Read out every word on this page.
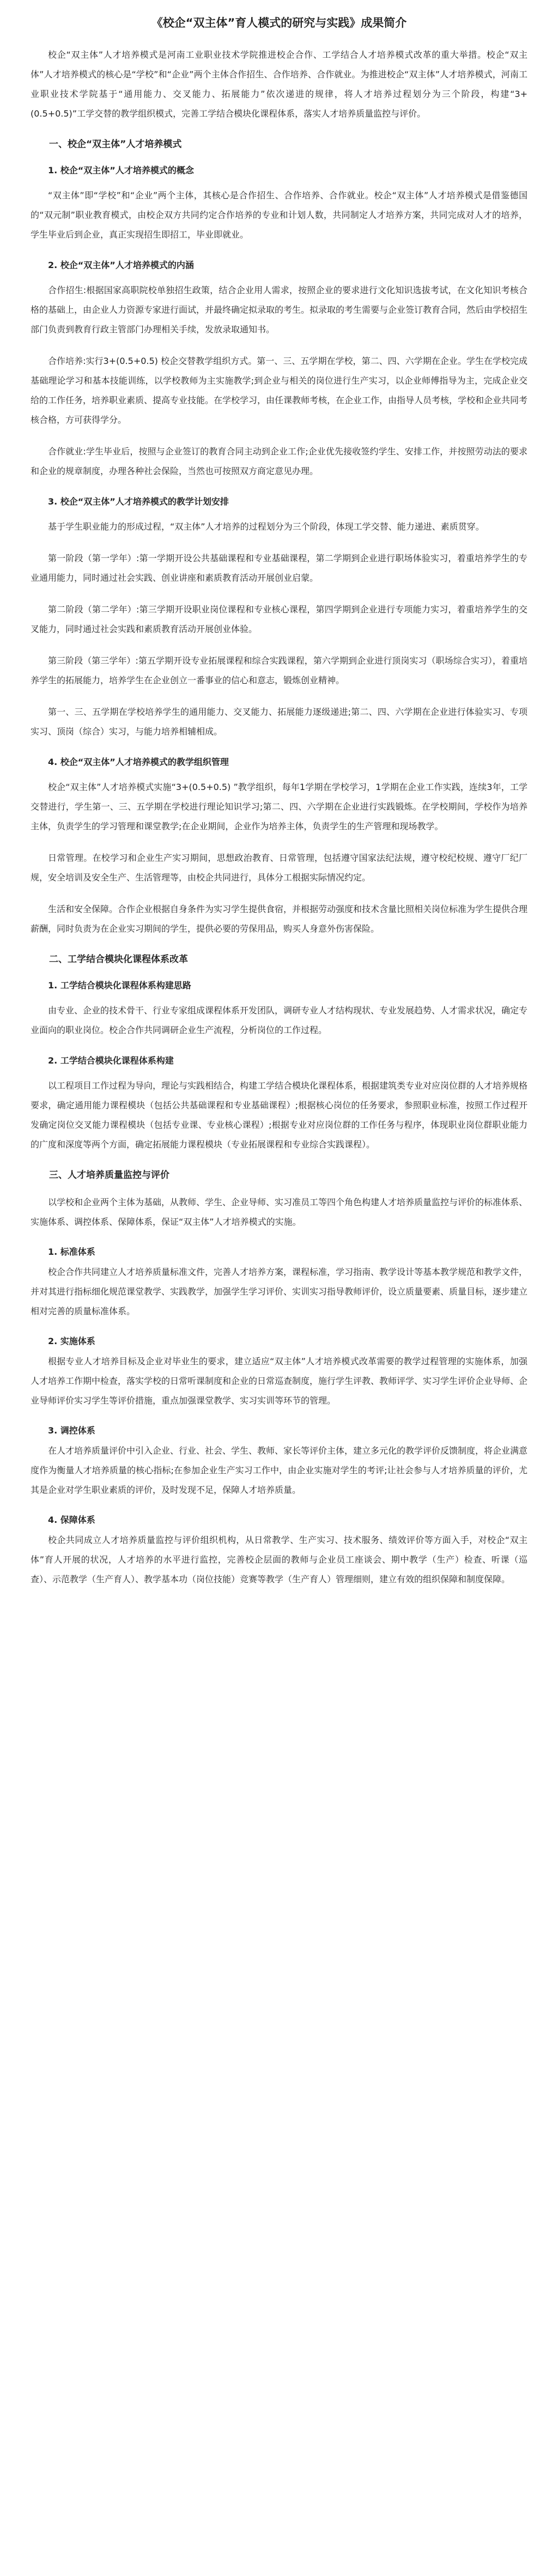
《校企“双主体”育人模式的研究与实践》成果简介

校企“双主体”人才培养模式是河南工业职业技术学院推进校企合作、工学结合人才培养模式改革的重大举措。校企“双主体”人才培养模式的核心是“学校”和“企业”两个主体合作招生、合作培养、合作就业。为推进校企“双主体”人才培养模式，河南工业职业技术学院基于“通用能力、交叉能力、拓展能力”依次递进的规律，将人才培养过程划分为三个阶段，构建“3+(0.5+0.5)”工学交替的教学组织模式，完善工学结合模块化课程体系，落实人才培养质量监控与评价。

一、校企“双主体”人才培养模式
1. 校企“双主体”人才培养模式的概念

“双主体”即“学校”和“企业”两个主体，其核心是合作招生、合作培养、合作就业。校企“双主体”人才培养模式是借鉴德国的“双元制”职业教育模式，由校企双方共同约定合作培养的专业和计划人数，共同制定人才培养方案，共同完成对人才的培养，学生毕业后到企业，真正实现招生即招工，毕业即就业。

2. 校企“双主体”人才培养模式的内涵

合作招生:根据国家高职院校单独招生政策，结合企业用人需求，按照企业的要求进行文化知识选拔考试，在文化知识考核合格的基础上，由企业人力资源专家进行面试，并最终确定拟录取的考生。拟录取的考生需要与企业签订教育合同，然后由学校招生部门负责到教育行政主管部门办理相关手续，发放录取通知书。

合作培养:实行3+(0.5+0.5) 校企交替教学组织方式。第一、三、五学期在学校，第二、四、六学期在企业。学生在学校完成基础理论学习和基本技能训练，以学校教师为主实施教学;到企业与相关的岗位进行生产实习，以企业师傅指导为主，完成企业交给的工作任务，培养职业素质、提高专业技能。在学校学习，由任课教师考核，在企业工作，由指导人员考核，学校和企业共同考核合格，方可获得学分。

合作就业:学生毕业后，按照与企业签订的教育合同主动到企业工作;企业优先接收签约学生、安排工作，并按照劳动法的要求和企业的规章制度，办理各种社会保险，当然也可按照双方商定意见办理。

3. 校企“双主体”人才培养模式的教学计划安排

基于学生职业能力的形成过程，“双主体”人才培养的过程划分为三个阶段，体现工学交替、能力递进、素质贯穿。

第一阶段（第一学年）:第一学期开设公共基础课程和专业基础课程，第二学期到企业进行职场体验实习，着重培养学生的专业通用能力，同时通过社会实践、创业讲座和素质教育活动开展创业启蒙。

第二阶段（第二学年）:第三学期开设职业岗位课程和专业核心课程，第四学期到企业进行专项能力实习，着重培养学生的交叉能力，同时通过社会实践和素质教育活动开展创业体验。

第三阶段（第三学年）:第五学期开设专业拓展课程和综合实践课程，第六学期到企业进行顶岗实习（职场综合实习），着重培养学生的拓展能力，培养学生在企业创立一番事业的信心和意志，锻炼创业精神。

第一、三、五学期在学校培养学生的通用能力、交叉能力、拓展能力逐级递进;第二、四、六学期在企业进行体验实习、专项实习、顶岗（综合）实习，与能力培养相辅相成。

4. 校企“双主体”人才培养模式的教学组织管理

校企“双主体”人才培养模式实施“3+(0.5+0.5) ”教学组织，每年1学期在学校学习，1学期在企业工作实践，连续3年，工学交替进行，学生第一、三、五学期在学校进行理论知识学习;第二、四、六学期在企业进行实践锻炼。在学校期间，学校作为培养主体，负责学生的学习管理和课堂教学;在企业期间，企业作为培养主体，负责学生的生产管理和现场教学。

日常管理。在校学习和企业生产实习期间，思想政治教育、日常管理，包括遵守国家法纪法规，遵守校纪校规、遵守厂纪厂规，安全培训及安全生产、生活管理等，由校企共同进行，具体分工根据实际情况约定。

生活和安全保障。合作企业根据自身条件为实习学生提供食宿，并根据劳动强度和技术含量比照相关岗位标准为学生提供合理薪酬，同时负责为在企业实习期间的学生，提供必要的劳保用品，购买人身意外伤害保险。

二、工学结合模块化课程体系改革
1. 工学结合模块化课程体系构建思路

由专业、企业的技术骨干、行业专家组成课程体系开发团队，调研专业人才结构现状、专业发展趋势、人才需求状况，确定专业面向的职业岗位。校企合作共同调研企业生产流程，分析岗位的工作过程。

2. 工学结合模块化课程体系构建

以工程项目工作过程为导向，理论与实践相结合，构建工学结合模块化课程体系，根据建筑类专业对应岗位群的人才培养规格要求，确定通用能力课程模块（包括公共基础课程和专业基础课程）;根据核心岗位的任务要求，参照职业标准，按照工作过程开发确定岗位交叉能力课程模块（包括专业课、专业核心课程）;根据专业对应岗位群的工作任务与程序，体现职业岗位群职业能力的广度和深度等两个方面，确定拓展能力课程模块（专业拓展课程和专业综合实践课程）。

三、人才培养质量监控与评价

以学校和企业两个主体为基础，从教师、学生、企业导师、实习准员工等四个角色构建人才培养质量监控与评价的标准体系、实施体系、调控体系、保障体系，保证“双主体”人才培养模式的实施。

1. 标准体系

校企合作共同建立人才培养质量标准文件，完善人才培养方案，课程标准，学习指南、教学设计等基本教学规范和教学文件，并对其进行指标细化规范课堂教学、实践教学，加强学生学习评价、实训实习指导教师评价，设立质量要素、质量目标，逐步建立相对完善的质量标准体系。

2. 实施体系

根据专业人才培养目标及企业对毕业生的要求，建立适应“双主体”人才培养模式改革需要的教学过程管理的实施体系，加强人才培养工作期中检查，落实学校的日常听课制度和企业的日常巡查制度，施行学生评教、教师评学、实习学生评价企业导师、企业导师评价实习学生等评价措施，重点加强课堂教学、实习实训等环节的管理。

3. 调控体系

在人才培养质量评价中引入企业、行业、社会、学生、教师、家长等评价主体，建立多元化的教学评价反馈制度，将企业满意度作为衡量人才培养质量的核心指标;在参加企业生产实习工作中，由企业实施对学生的考评;让社会参与人才培养质量的评价，尤其是企业对学生职业素质的评价，及时发现不足，保障人才培养质量。

4. 保障体系

校企共同成立人才培养质量监控与评价组织机构，从日常教学、生产实习、技术服务、绩效评价等方面入手，对校企“双主体”育人开展的状况，人才培养的水平进行监控，完善校企层面的教师与企业员工座谈会、期中教学（生产）检查、听课（巡查）、示范教学（生产育人）、教学基本功（岗位技能）竞赛等教学（生产育人）管理细则，建立有效的组织保障和制度保障。
